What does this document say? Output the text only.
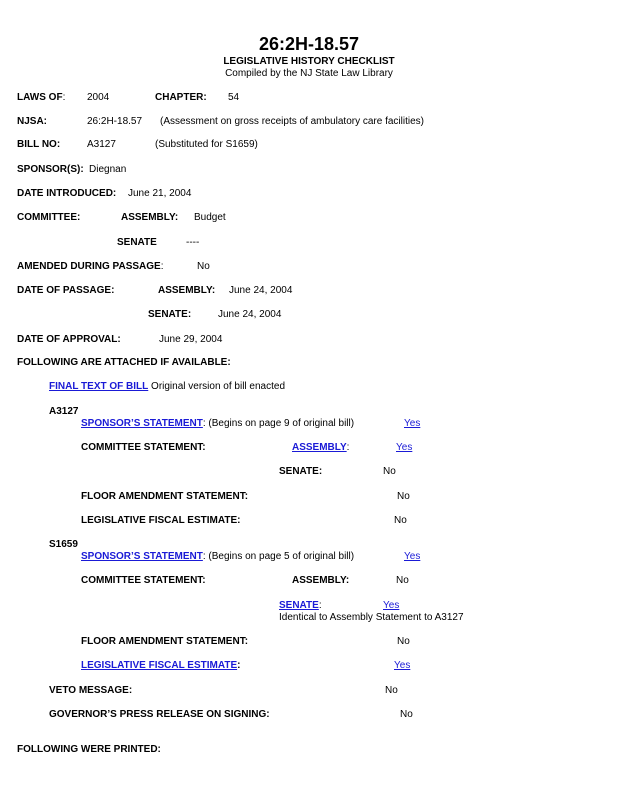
26:2H-18.57
LEGISLATIVE HISTORY CHECKLIST
Compiled by the NJ State Law Library
LAWS OF: 2004	CHAPTER: 54
NJSA:	26:2H-18.57 (Assessment on gross receipts of ambulatory care facilities)
BILL NO:	A3127	(Substituted for S1659)
SPONSOR(S): Diegnan
DATE INTRODUCED: June 21, 2004
COMMITTEE:	ASSEMBLY: Budget
SENATE	----
AMENDED DURING PASSAGE:	No
DATE OF PASSAGE:	ASSEMBLY: June 24, 2004
SENATE:	June 24, 2004
DATE OF APPROVAL:	June 29, 2004
FOLLOWING ARE ATTACHED IF AVAILABLE:
FINAL TEXT OF BILL Original version of bill enacted
A3127
SPONSOR’S STATEMENT: (Begins on page 9 of original bill)	Yes
COMMITTEE STATEMENT:	ASSEMBLY:	Yes
SENATE:	No
FLOOR AMENDMENT STATEMENT:	No
LEGISLATIVE FISCAL ESTIMATE:	No
S1659
SPONSOR’S STATEMENT: (Begins on page 5 of original bill)	Yes
COMMITTEE STATEMENT:	ASSEMBLY:	No
SENATE:	Yes
Identical to Assembly Statement to A3127
FLOOR AMENDMENT STATEMENT:	No
LEGISLATIVE FISCAL ESTIMATE:	Yes
VETO MESSAGE:	No
GOVERNOR’S PRESS RELEASE ON SIGNING:	No
FOLLOWING WERE PRINTED:
